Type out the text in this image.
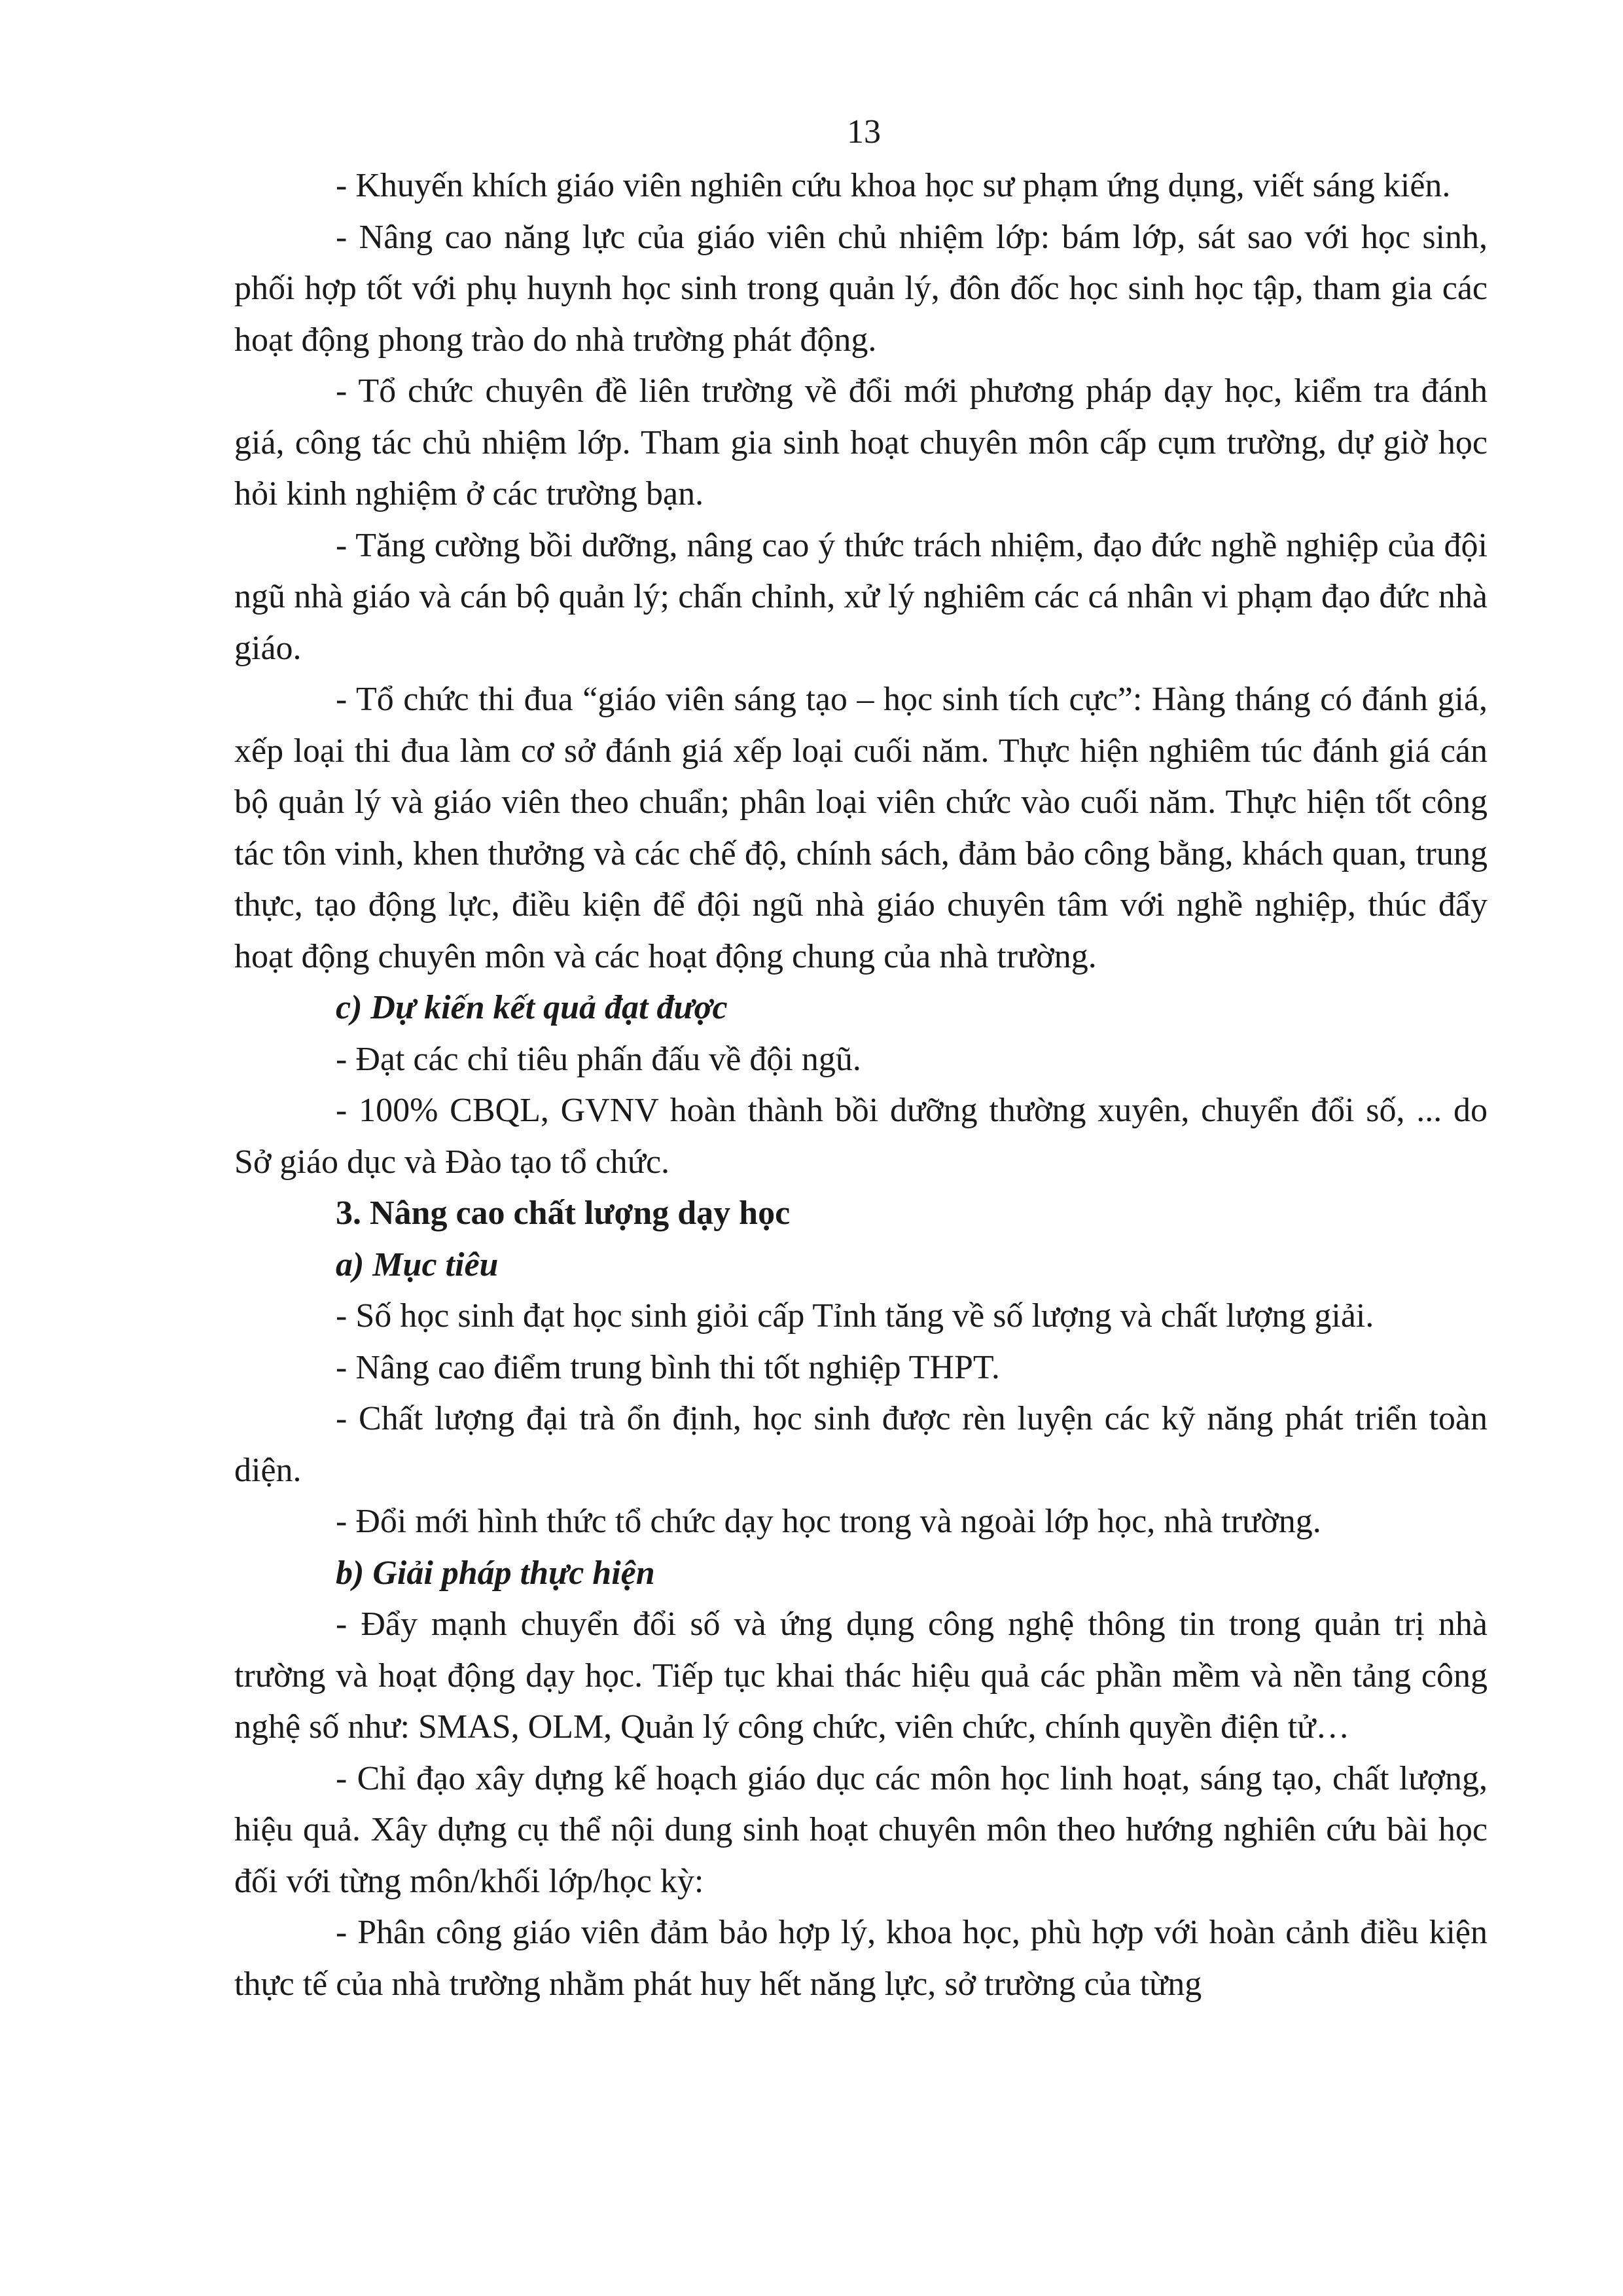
13

- Khuyến khích giáo viên nghiên cứu khoa học sư phạm ứng dụng, viết sáng kiến.

- Nâng cao năng lực của giáo viên chủ nhiệm lớp: bám lớp, sát sao với học sinh, phối hợp tốt với phụ huynh học sinh trong quản lý, đôn đốc học sinh học tập, tham gia các hoạt động phong trào do nhà trường phát động.

- Tổ chức chuyên đề liên trường về đổi mới phương pháp dạy học, kiểm tra đánh giá, công tác chủ nhiệm lớp. Tham gia sinh hoạt chuyên môn cấp cụm trường, dự giờ học hỏi kinh nghiệm ở các trường bạn.

- Tăng cường bồi dưỡng, nâng cao ý thức trách nhiệm, đạo đức nghề nghiệp của đội ngũ nhà giáo và cán bộ quản lý; chấn chỉnh, xử lý nghiêm các cá nhân vi phạm đạo đức nhà giáo.

- Tổ chức thi đua “giáo viên sáng tạo – học sinh tích cực”: Hàng tháng có đánh giá, xếp loại thi đua làm cơ sở đánh giá xếp loại cuối năm. Thực hiện nghiêm túc đánh giá cán bộ quản lý và giáo viên theo chuẩn; phân loại viên chức vào cuối năm. Thực hiện tốt công tác tôn vinh, khen thưởng và các chế độ, chính sách, đảm bảo công bằng, khách quan, trung thực, tạo động lực, điều kiện để đội ngũ nhà giáo chuyên tâm với nghề nghiệp, thúc đẩy hoạt động chuyên môn và các hoạt động chung của nhà trường.

c) Dự kiến kết quả đạt được

- Đạt các chỉ tiêu phấn đấu về đội ngũ.

- 100% CBQL, GVNV hoàn thành bồi dưỡng thường xuyên, chuyển đổi số, ... do Sở giáo dục và Đào tạo tổ chức.

3. Nâng cao chất lượng dạy học

a) Mục tiêu

- Số học sinh đạt học sinh giỏi cấp Tỉnh tăng về số lượng và chất lượng giải.

- Nâng cao điểm trung bình thi tốt nghiệp THPT.

- Chất lượng đại trà ổn định, học sinh được rèn luyện các kỹ năng phát triển toàn diện.

- Đổi mới hình thức tổ chức dạy học trong và ngoài lớp học, nhà trường.

b) Giải pháp thực hiện

- Đẩy mạnh chuyển đổi số và ứng dụng công nghệ thông tin trong quản trị nhà trường và hoạt động dạy học. Tiếp tục khai thác hiệu quả các phần mềm và nền tảng công nghệ số như: SMAS, OLM, Quản lý công chức, viên chức, chính quyền điện tử…

- Chỉ đạo xây dựng kế hoạch giáo dục các môn học linh hoạt, sáng tạo, chất lượng, hiệu quả. Xây dựng cụ thể nội dung sinh hoạt chuyên môn theo hướng nghiên cứu bài học đối với từng môn/khối lớp/học kỳ:

- Phân công giáo viên đảm bảo hợp lý, khoa học, phù hợp với hoàn cảnh điều kiện thực tế của nhà trường nhằm phát huy hết năng lực, sở trường của từng
